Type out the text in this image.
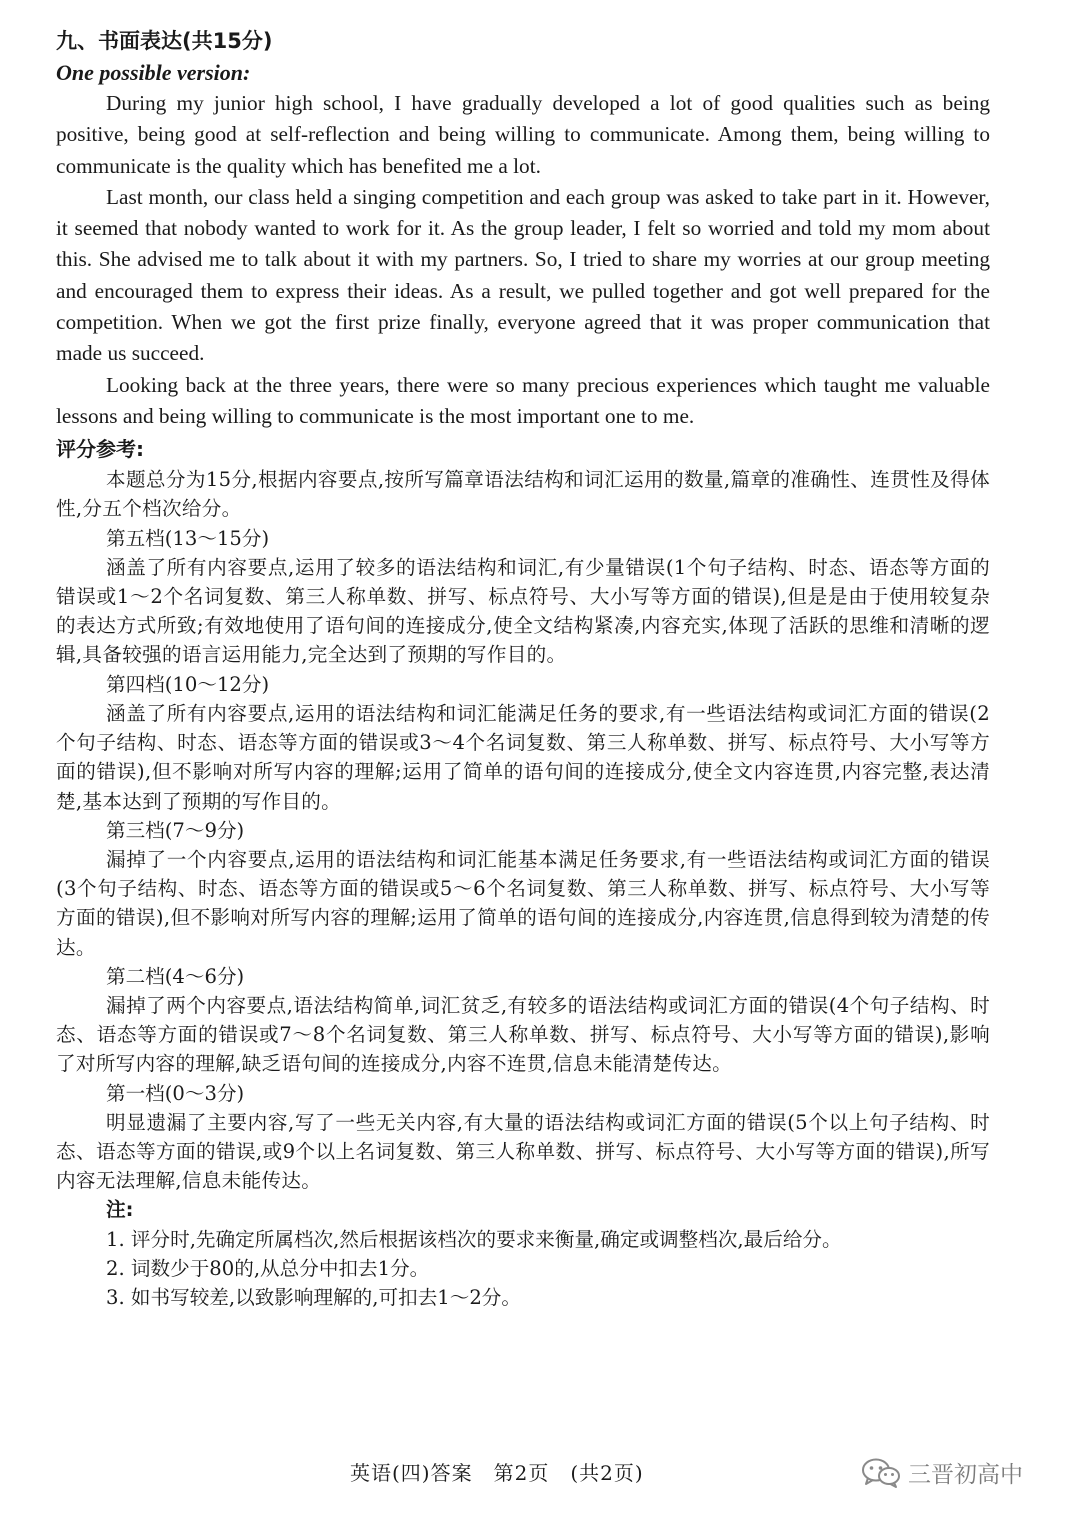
九、书面表达(共15分)

One possible version:

During my junior high school, I have gradually developed a lot of good qualities such as being positive, being good at self-reflection and being willing to communicate. Among them, being willing to communicate is the quality which has benefited me a lot.

Last month, our class held a singing competition and each group was asked to take part in it. However, it seemed that nobody wanted to work for it. As the group leader, I felt so worried and told my mom about this. She advised me to talk about it with my partners. So, I tried to share my worries at our group meeting and encouraged them to express their ideas. As a result, we pulled together and got well prepared for the competition. When we got the first prize finally, everyone agreed that it was proper communication that made us succeed.

Looking back at the three years, there were so many precious experiences which taught me valuable lessons and being willing to communicate is the most important one to me.

评分参考:

本题总分为15分,根据内容要点,按所写篇章语法结构和词汇运用的数量,篇章的准确性、连贯性及得体性,分五个档次给分。

第五档(13～15分)

涵盖了所有内容要点,运用了较多的语法结构和词汇,有少量错误(1个句子结构、时态、语态等方面的错误或1～2个名词复数、第三人称单数、拼写、标点符号、大小写等方面的错误),但是是由于使用较复杂的表达方式所致;有效地使用了语句间的连接成分,使全文结构紧凑,内容充实,体现了活跃的思维和清晰的逻辑,具备较强的语言运用能力,完全达到了预期的写作目的。

第四档(10～12分)

涵盖了所有内容要点,运用的语法结构和词汇能满足任务的要求,有一些语法结构或词汇方面的错误(2个句子结构、时态、语态等方面的错误或3～4个名词复数、第三人称单数、拼写、标点符号、大小写等方面的错误),但不影响对所写内容的理解;运用了简单的语句间的连接成分,使全文内容连贯,内容完整,表达清楚,基本达到了预期的写作目的。

第三档(7～9分)

漏掉了一个内容要点,运用的语法结构和词汇能基本满足任务要求,有一些语法结构或词汇方面的错误(3个句子结构、时态、语态等方面的错误或5～6个名词复数、第三人称单数、拼写、标点符号、大小写等方面的错误),但不影响对所写内容的理解;运用了简单的语句间的连接成分,内容连贯,信息得到较为清楚的传达。

第二档(4～6分)

漏掉了两个内容要点,语法结构简单,词汇贫乏,有较多的语法结构或词汇方面的错误(4个句子结构、时态、语态等方面的错误或7～8个名词复数、第三人称单数、拼写、标点符号、大小写等方面的错误),影响了对所写内容的理解,缺乏语句间的连接成分,内容不连贯,信息未能清楚传达。

第一档(0～3分)

明显遗漏了主要内容,写了一些无关内容,有大量的语法结构或词汇方面的错误(5个以上句子结构、时态、语态等方面的错误,或9个以上名词复数、第三人称单数、拼写、标点符号、大小写等方面的错误),所写内容无法理解,信息未能传达。

注:

1. 评分时,先确定所属档次,然后根据该档次的要求来衡量,确定或调整档次,最后给分。

2. 词数少于80的,从总分中扣去1分。

3. 如书写较差,以致影响理解的,可扣去1～2分。

英语(四)答案　第2页　(共2页)	三晋初高中
